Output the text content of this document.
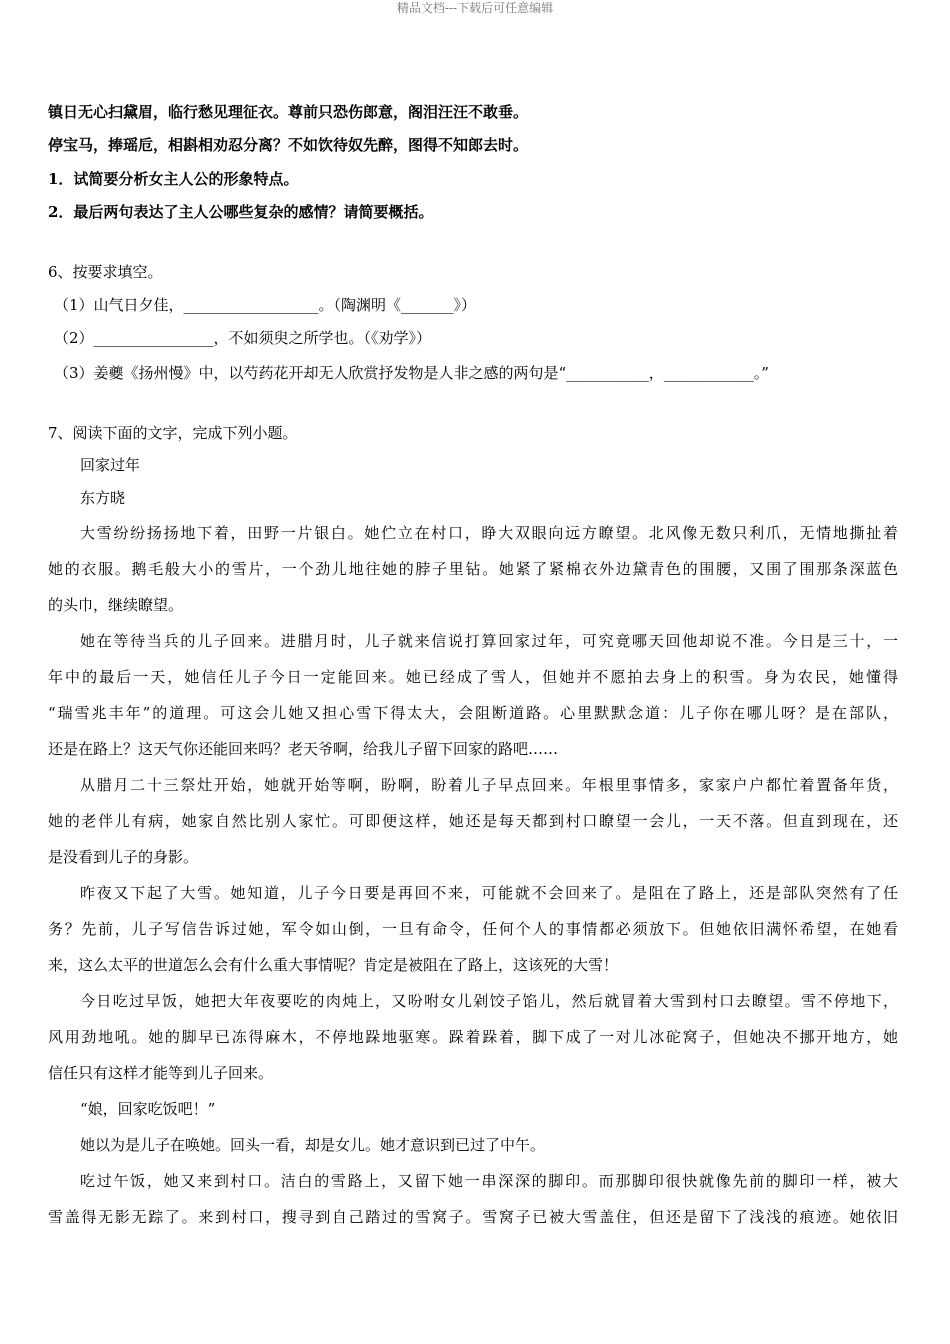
精品文档---下载后可任意编辑
镇日无心扫黛眉，临行愁见理征衣。尊前只恐伤郎意，阁泪汪汪不敢垂。
停宝马，捧瑶卮，相斟相劝忍分离？不如饮待奴先醉，图得不知郎去时。
1．试简要分析女主人公的形象特点。
2．最后两句表达了主人公哪些复杂的感情？请简要概括。
6、按要求填空。
（1）山气日夕佳，__________________。（陶渊明《_______》）
（2）________________，不如须臾之所学也。（《劝学》）
（3）姜夔《扬州慢》中，以芍药花开却无人欣赏抒发物是人非之感的两句是“___________，____________。”
7、阅读下面的文字，完成下列小题。
回家过年
东方晓
大雪纷纷扬扬地下着，田野一片银白。她伫立在村口，睁大双眼向远方瞭望。北风像无数只利爪，无情地撕扯着
她的衣服。鹅毛般大小的雪片，一个劲儿地往她的脖子里钻。她紧了紧棉衣外边黛青色的围腰，又围了围那条深蓝色
的头巾，继续瞭望。
她在等待当兵的儿子回来。进腊月时，儿子就来信说打算回家过年，可究竟哪天回他却说不准。今日是三十，一
年中的最后一天，她信任儿子今日一定能回来。她已经成了雪人，但她并不愿拍去身上的积雪。身为农民，她懂得
“瑞雪兆丰年”的道理。可这会儿她又担心雪下得太大，会阻断道路。心里默默念道：儿子你在哪儿呀？是在部队，
还是在路上？这天气你还能回来吗？老天爷啊，给我儿子留下回家的路吧……
从腊月二十三祭灶开始，她就开始等啊，盼啊，盼着儿子早点回来。年根里事情多，家家户户都忙着置备年货，
她的老伴儿有病，她家自然比别人家忙。可即便这样，她还是每天都到村口瞭望一会儿，一天不落。但直到现在，还
是没看到儿子的身影。
昨夜又下起了大雪。她知道，儿子今日要是再回不来，可能就不会回来了。是阻在了路上，还是部队突然有了任
务？先前，儿子写信告诉过她，军令如山倒，一旦有命令，任何个人的事情都必须放下。但她依旧满怀希望，在她看
来，这么太平的世道怎么会有什么重大事情呢？肯定是被阻在了路上，这该死的大雪！
今日吃过早饭，她把大年夜要吃的肉炖上，又吩咐女儿剁饺子馅儿，然后就冒着大雪到村口去瞭望。雪不停地下，
风用劲地吼。她的脚早已冻得麻木，不停地跺地驱寒。跺着跺着，脚下成了一对儿冰砣窝子，但她决不挪开地方，她
信任只有这样才能等到儿子回来。
“娘，回家吃饭吧！”
她以为是儿子在唤她。回头一看，却是女儿。她才意识到已过了中午。
吃过午饭，她又来到村口。洁白的雪路上，又留下她一串深深的脚印。而那脚印很快就像先前的脚印一样，被大
雪盖得无影无踪了。来到村口，搜寻到自己踏过的雪窝子。雪窝子已被大雪盖住，但还是留下了浅浅的痕迹。她依旧
